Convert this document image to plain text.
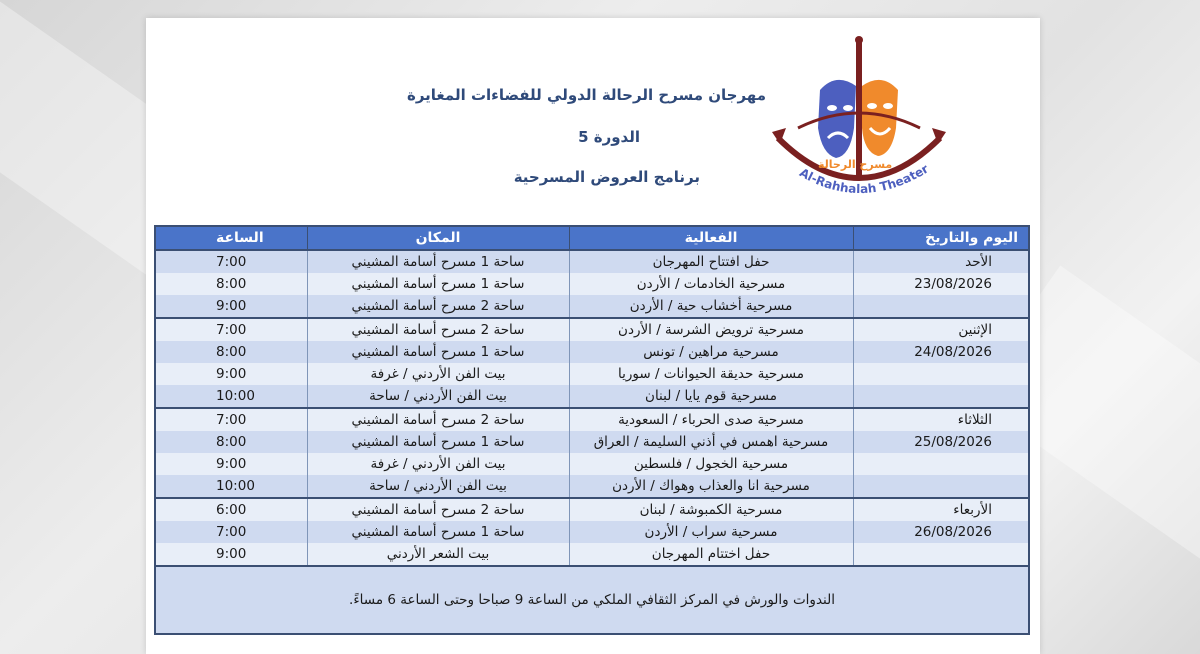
مهرجان مسرح الرحالة الدولي للفضاءات المغايرة
الدورة 5
برنامج العروض المسرحية
مسرح الرحالة
Al-Rahhalah Theater
اليوم والتاريخ	الفعالية	المكان	الساعة
الأحد	حفل افتتاح المهرجان	ساحة 1 مسرح أسامة المشيني	7:00
23/08/2026	مسرحية الخادمات / الأردن	ساحة 1 مسرح أسامة المشيني	8:00
	مسرحية أخشاب حية / الأردن	ساحة 2 مسرح أسامة المشيني	9:00
الإثنين	مسرحية ترويض الشرسة / الأردن	ساحة 2 مسرح أسامة المشيني	7:00
24/08/2026	مسرحية مراهين / تونس	ساحة 1 مسرح أسامة المشيني	8:00
	مسرحية حديقة الحيوانات / سوريا	بيت الفن الأردني / غرفة	9:00
	مسرحية قوم يايا / لبنان	بيت الفن الأردني / ساحة	10:00
الثلاثاء	مسرحية صدى الحرباء / السعودية	ساحة 2 مسرح أسامة المشيني	7:00
25/08/2026	مسرحية اهمس في أذني السليمة / العراق	ساحة 1 مسرح أسامة المشيني	8:00
	مسرحية الخجول / فلسطين	بيت الفن الأردني / غرفة	9:00
	مسرحية انا والعذاب وهواك / الأردن	بيت الفن الأردني / ساحة	10:00
الأربعاء	مسرحية الكمبوشة / لبنان	ساحة 2 مسرح أسامة المشيني	6:00
26/08/2026	مسرحية سراب / الأردن	ساحة 1 مسرح أسامة المشيني	7:00
	حفل اختتام المهرجان	بيت الشعر الأردني	9:00
الندوات والورش في المركز الثقافي الملكي من الساعة 9 صباحا وحتى الساعة 6 مساءً.			
